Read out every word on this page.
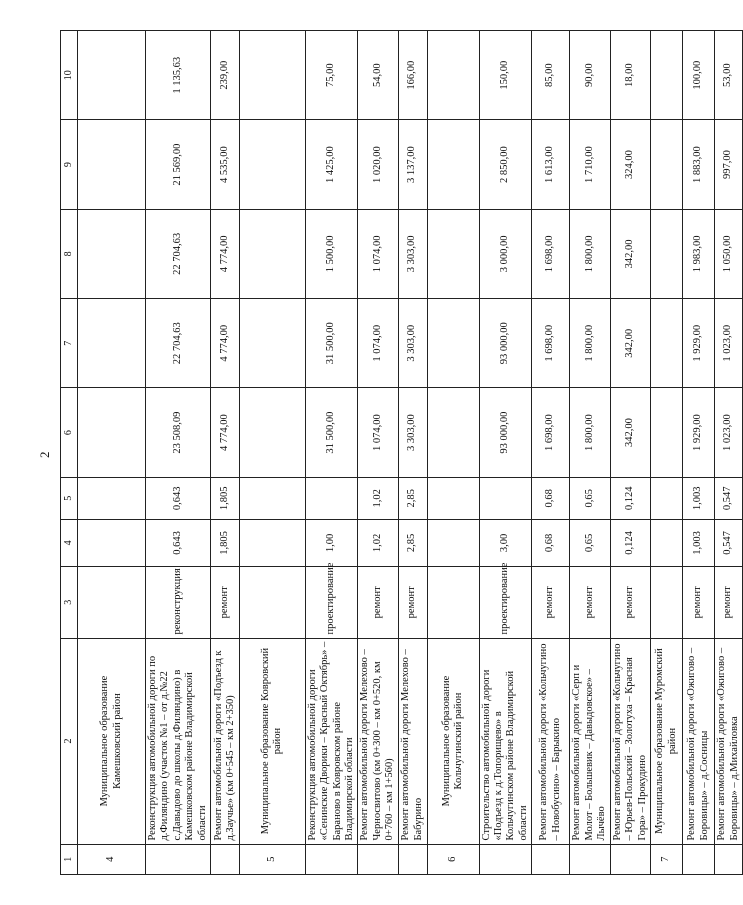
2
1	2	3	4	5	6	7	8	9	10
4	Муниципальное образование Камешковский район								
	Реконструкция автомобильной дороги по д.Филяндино (участок №1 – от д.№22 с.Давыдово до школы д.Филяндино) в Камешковском районе Владимирской области	реконструкция	0,643	0,643	23 508,09	22 704,63	22 704,63	21 569,00	1 135,63
	Ремонт автомобильной дороги «Подъезд к д.Заучье» (км 0+545 – км 2+350)	ремонт	1,805	1,805	4 774,00	4 774,00	4 774,00	4 535,00	239,00
5	Муниципальное образование Ковровский район								
	Реконструкция автомобильной дороги «Сенинские Дворики – Красный Октябрь» – Бараново в Ковровском районе Владимирской области	проектирование	1,00		31 500,00	31 500,00	1 500,00	1 425,00	75,00
	Ремонт автомобильной дороги Мелехово – Черносвитово (км 0+300 – км 0+520, км 0+760 – км 1+560)	ремонт	1,02	1,02	1 074,00	1 074,00	1 074,00	1 020,00	54,00
	Ремонт автомобильной дороги Мелехово – Бабурино	ремонт	2,85	2,85	3 303,00	3 303,00	3 303,00	3 137,00	166,00
6	Муниципальное образование Кольчугинский район								
	Строительство автомобильной дороги «Подъезд к д.Топорищево» в Кольчугинском районе Владимирской области	проектирование	3,00		93 000,00	93 000,00	3 000,00	2 850,00	150,00
	Ремонт автомобильной дороги «Кольчугино – Новобусино» – Барыкино	ремонт	0,68	0,68	1 698,00	1 698,00	1 698,00	1 613,00	85,00
	Ремонт автомобильной дороги «Серп и Молот – Большевик – Давыдовское» – Лычёво	ремонт	0,65	0,65	1 800,00	1 800,00	1 800,00	1 710,00	90,00
	Ремонт автомобильной дороги «Кольчугино – Юрьев-Польский – Золотуха – Красная Гора» – Прокудино	ремонт	0,124	0,124	342,00	342,00	342,00	324,00	18,00
7	Муниципальное образование Муромский район								
	Ремонт автомобильной дороги «Ожигово – Боровицы» – д.Сосницы	ремонт	1,003	1,003	1 929,00	1 929,00	1 983,00	1 883,00	100,00
	Ремонт автомобильной дороги «Ожигово – Боровицы» – д.Михайловка	ремонт	0,547	0,547	1 023,00	1 023,00	1 050,00	997,00	53,00
